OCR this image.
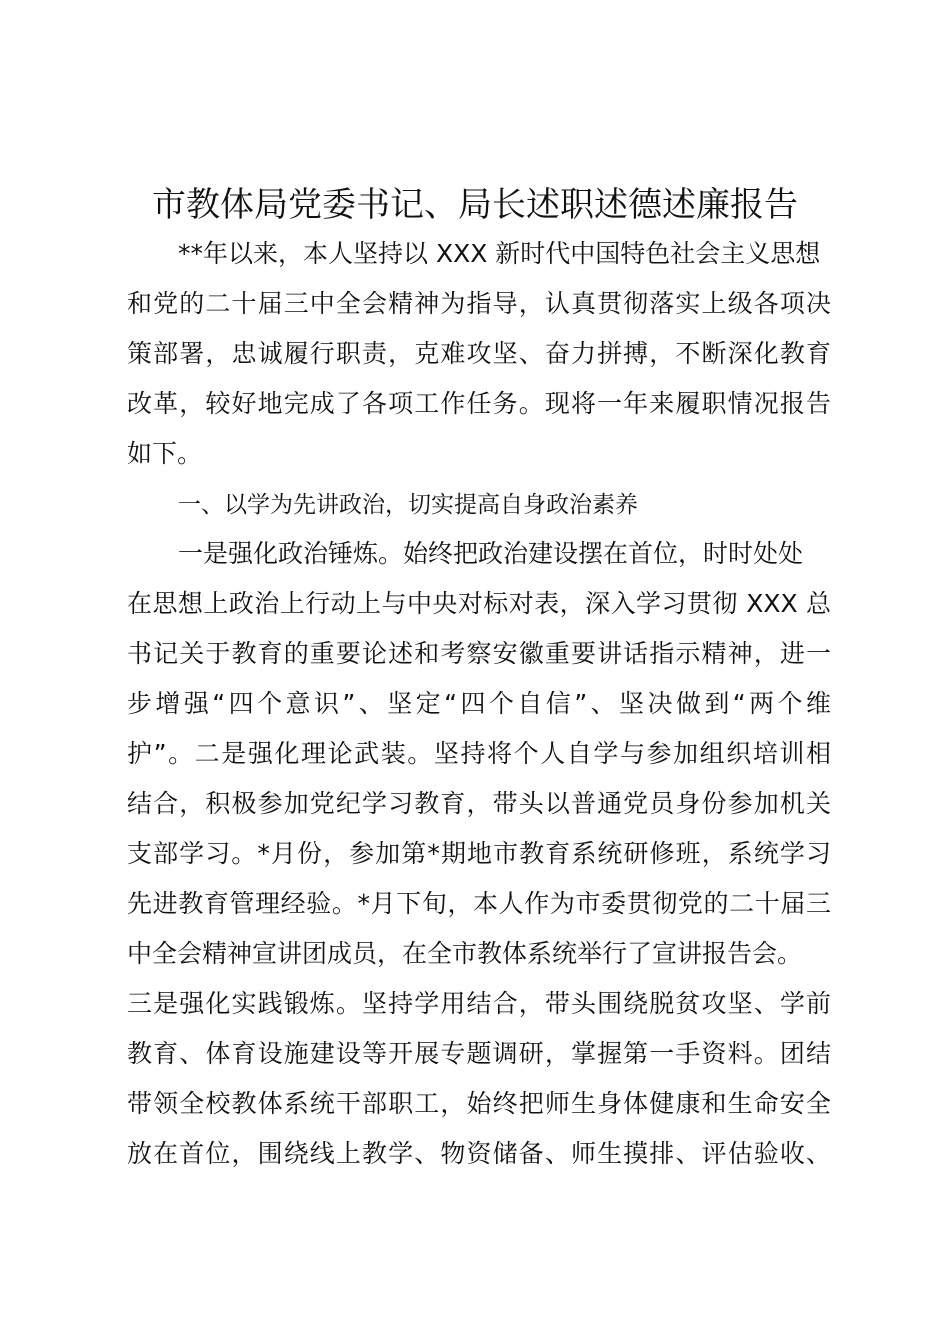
市教体局党委书记、局长述职述德述廉报告
**年以来，本人坚持以 XXX 新时代中国特色社会主义思想
和党的二十届三中全会精神为指导，认真贯彻落实上级各项决
策部署，忠诚履行职责，克难攻坚、奋力拼搏，不断深化教育
改革，较好地完成了各项工作任务。现将一年来履职情况报告
如下。
一、以学为先讲政治，切实提高自身政治素养
一是强化政治锤炼。始终把政治建设摆在首位，时时处处
在思想上政治上行动上与中央对标对表，深入学习贯彻 XXX 总
书记关于教育的重要论述和考察安徽重要讲话指示精神，进一
步增强“四个意识”、坚定“四个自信”、坚决做到“两个维
护”。二是强化理论武装。坚持将个人自学与参加组织培训相
结合，积极参加党纪学习教育，带头以普通党员身份参加机关
支部学习。*月份，参加第*期地市教育系统研修班，系统学习
先进教育管理经验。*月下旬，本人作为市委贯彻党的二十届三
中全会精神宣讲团成员，在全市教体系统举行了宣讲报告会。
三是强化实践锻炼。坚持学用结合，带头围绕脱贫攻坚、学前
教育、体育设施建设等开展专题调研，掌握第一手资料。团结
带领全校教体系统干部职工，始终把师生身体健康和生命安全
放在首位，围绕线上教学、物资储备、师生摸排、评估验收、
